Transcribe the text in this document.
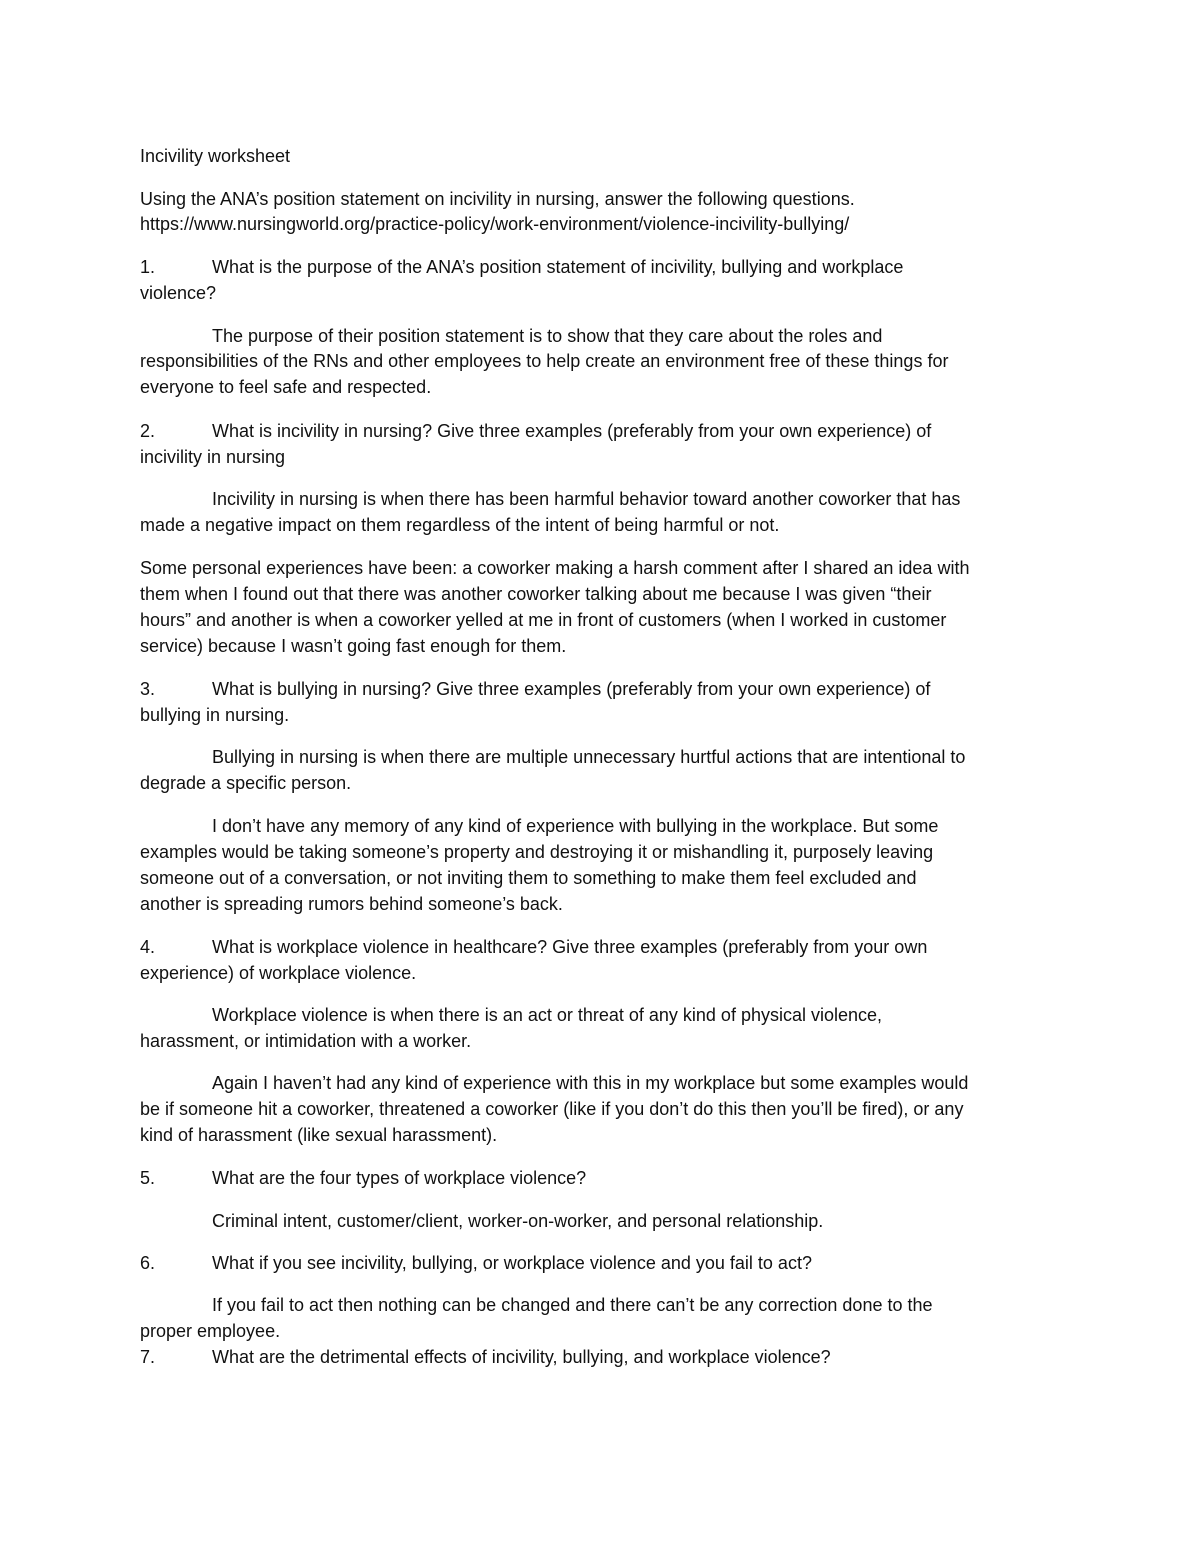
Incivility worksheet
Using the ANA’s position statement on incivility in nursing, answer the following questions.
https://www.nursingworld.org/practice-policy/work-environment/violence-incivility-bullying/
1.	What is the purpose of the ANA’s position statement of incivility, bullying and workplace
violence?
The purpose of their position statement is to show that they care about the roles and
responsibilities of the RNs and other employees to help create an environment free of these things for
everyone to feel safe and respected.
2.	What is incivility in nursing? Give three examples (preferably from your own experience) of
incivility in nursing
Incivility in nursing is when there has been harmful behavior toward another coworker that has
made a negative impact on them regardless of the intent of being harmful or not.
Some personal experiences have been: a coworker making a harsh comment after I shared an idea with
them when I found out that there was another coworker talking about me because I was given “their
hours” and another is when a coworker yelled at me in front of customers (when I worked in customer
service) because I wasn’t going fast enough for them.
3.	What is bullying in nursing? Give three examples (preferably from your own experience) of
bullying in nursing.
Bullying in nursing is when there are multiple unnecessary hurtful actions that are intentional to
degrade a specific person.
I don’t have any memory of any kind of experience with bullying in the workplace. But some
examples would be taking someone’s property and destroying it or mishandling it, purposely leaving
someone out of a conversation, or not inviting them to something to make them feel excluded and
another is spreading rumors behind someone’s back.
4.	What is workplace violence in healthcare? Give three examples (preferably from your own
experience) of workplace violence.
Workplace violence is when there is an act or threat of any kind of physical violence,
harassment, or intimidation with a worker.
Again I haven’t had any kind of experience with this in my workplace but some examples would
be if someone hit a coworker, threatened a coworker (like if you don’t do this then you’ll be fired), or any
kind of harassment (like sexual harassment).
5.	What are the four types of workplace violence?
Criminal intent, customer/client, worker-on-worker, and personal relationship.
6.	What if you see incivility, bullying, or workplace violence and you fail to act?
If you fail to act then nothing can be changed and there can’t be any correction done to the
proper employee.
7.	What are the detrimental effects of incivility, bullying, and workplace violence?
